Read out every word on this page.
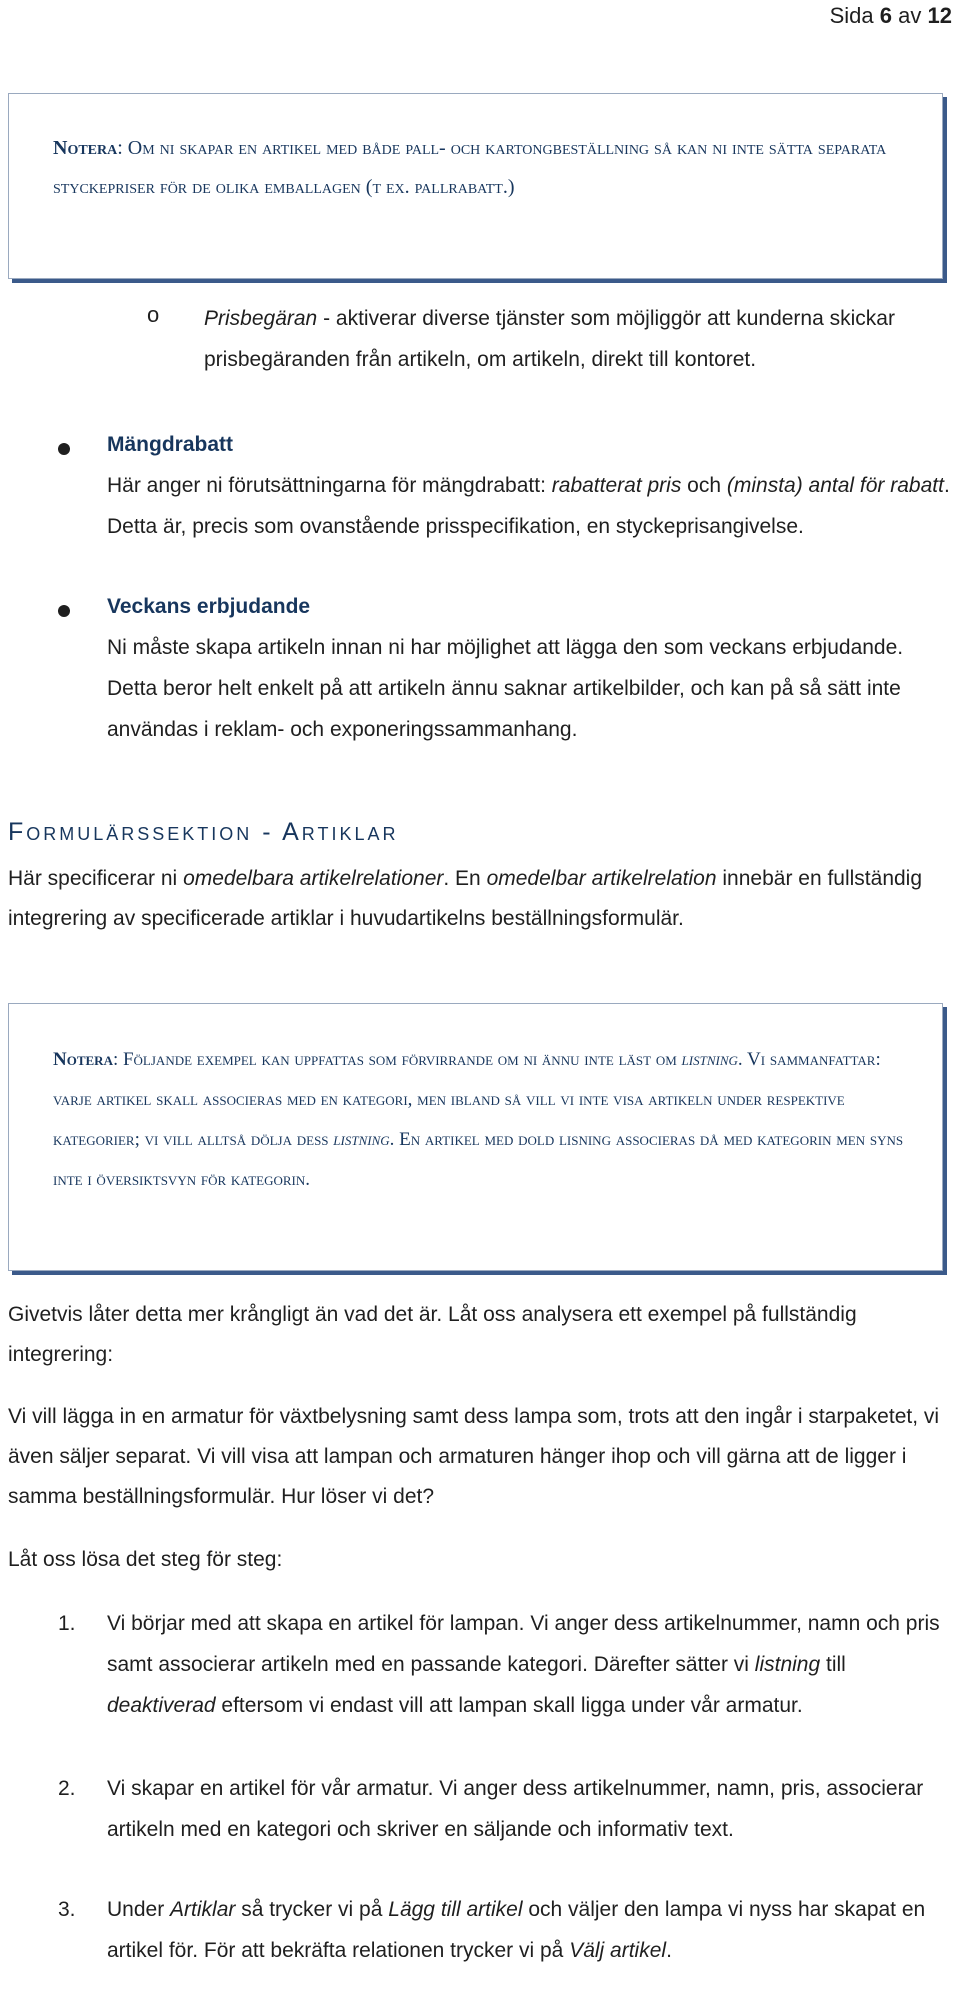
Sida 6 av 12
Notera: Om ni skapar en artikel med både pall- och kartongbeställning så kan ni inte sätta separata styckepriser för de olika emballagen (t ex. pallrabatt.)
o Prisbegäran - aktiverar diverse tjänster som möjliggör att kunderna skickar prisbegäranden från artikeln, om artikeln, direkt till kontoret.
Mängdrabatt
Här anger ni förutsättningarna för mängdrabatt: rabatterat pris och (minsta) antal för rabatt. Detta är, precis som ovanstående prisspecifikation, en styckeprisangivelse.
Veckans erbjudande
Ni måste skapa artikeln innan ni har möjlighet att lägga den som veckans erbjudande. Detta beror helt enkelt på att artikeln ännu saknar artikelbilder, och kan på så sätt inte användas i reklam- och exponeringssammanhang.
Formulärssektion - Artiklar
Här specificerar ni omedelbara artikelrelationer. En omedelbar artikelrelation innebär en fullständig integrering av specificerade artiklar i huvudartikelns beställningsformulär.
Notera: Följande exempel kan uppfattas som förvirrande om ni ännu inte läst om listning. Vi sammanfattar: varje artikel skall associeras med en kategori, men ibland så vill vi inte visa artikeln under respektive kategorier; vi vill alltså dölja dess listning. En artikel med dold lisning associeras då med kategorin men syns inte i översiktsvyn för kategorin.
Givetvis låter detta mer krångligt än vad det är. Låt oss analysera ett exempel på fullständig integrering:
Vi vill lägga in en armatur för växtbelysning samt dess lampa som, trots att den ingår i starpaketet, vi även säljer separat. Vi vill visa att lampan och armaturen hänger ihop och vill gärna att de ligger i samma beställningsformulär. Hur löser vi det?
Låt oss lösa det steg för steg:
1. Vi börjar med att skapa en artikel för lampan. Vi anger dess artikelnummer, namn och pris samt associerar artikeln med en passande kategori. Därefter sätter vi listning till deaktiverad eftersom vi endast vill att lampan skall ligga under vår armatur.
2. Vi skapar en artikel för vår armatur. Vi anger dess artikelnummer, namn, pris, associerar artikeln med en kategori och skriver en säljande och informativ text.
3. Under Artiklar så trycker vi på Lägg till artikel och väljer den lampa vi nyss har skapat en artikel för. För att bekräfta relationen trycker vi på Välj artikel.
